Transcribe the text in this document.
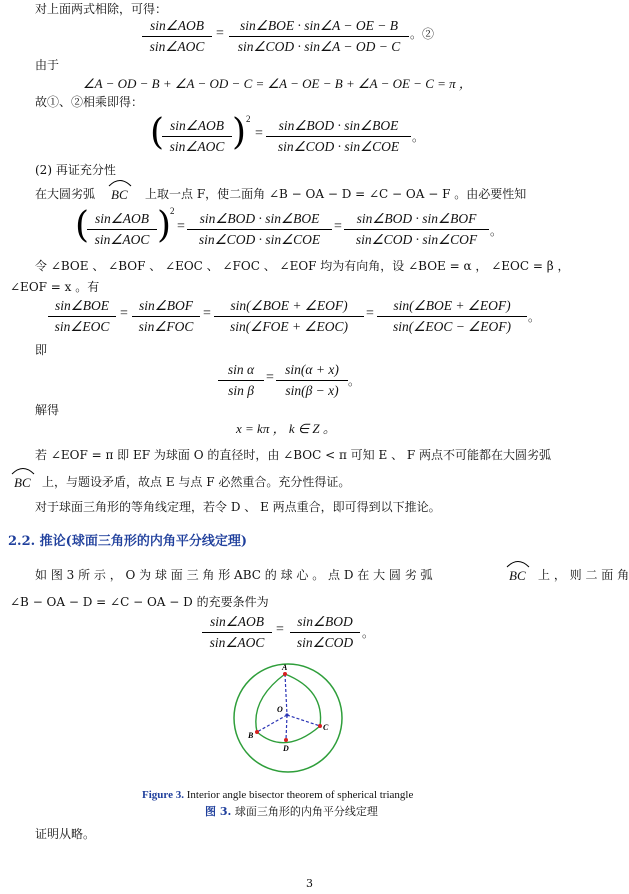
对上面两式相除，可得：
sin∠AOB
sin∠AOC
=
sin∠BOE · sin∠A − OE − B
sin∠COD · sin∠A − OD − C
。②
由于
∠A − OD − B + ∠A − OD − C = ∠A − OE − B + ∠A − OE − C = π ，
故①、②相乘即得：
( sin∠AOB
sin∠AOC ) 2
=
sin∠BOD · sin∠BOE
sin∠COD · sin∠COE
。
(2) 再证充分性
在大圆劣弧 BC 上取一点 F，使二面角 ∠B − OA − D = ∠C − OA − F 。由必要性知
( sin∠AOB
sin∠AOC )
2
=
sin∠BOD · sin∠BOE
sin∠COD · sin∠COE
=
sin∠BOD · sin∠BOF
sin∠COD · sin∠COF
。
令 ∠BOE 、 ∠BOF 、 ∠EOC 、 ∠FOC 、 ∠EOF 均为有向角，设 ∠BOE = α ， ∠EOC = β ，
∠EOF = x 。有
sin∠BOE
sin∠EOC
=
sin∠BOF
sin∠FOC
=
sin(∠BOE + ∠EOF)
sin(∠FOE + ∠EOC)
=
sin(∠BOE + ∠EOF)
sin(∠EOC − ∠EOF)
。
即
$\frac{\text{sin α}}{\text{sin β}} = \frac{\sin(\alpha + x)}{\sin(\beta - x)}$ 。
解得
x = kπ ， k ∈ Z 。
若 ∠EOF = π 即 EF 为球面 O 的直径时，由 ∠BOC < π 可知 E 、 F 两点不可能都在大圆劣弧
BC 上，与题设矛盾，故点 E 与点 F 必然重合。充分性得证。
对于球面三角形的等角线定理，若令 D 、 E 两点重合，即可得到以下推论。
2.2. 推论(球面三角形的内角平分线定理)
如 图 3 所 示 ， O 为 球 面 三 角 形 ABC 的 球 心 。 点 D 在 大 圆 劣 弧	BC 上 ， 则 二 面 角
∠B − OA − D = ∠C − OA − D 的充要条件为
sin∠AOB
sin∠AOC
=
sin∠BOD
sin∠COD
。
A
B
C
D
O
Figure 3. Interior angle bisector theorem of spherical triangle
图 3. 球面三角形的内角平分线定理
证明从略。
3
